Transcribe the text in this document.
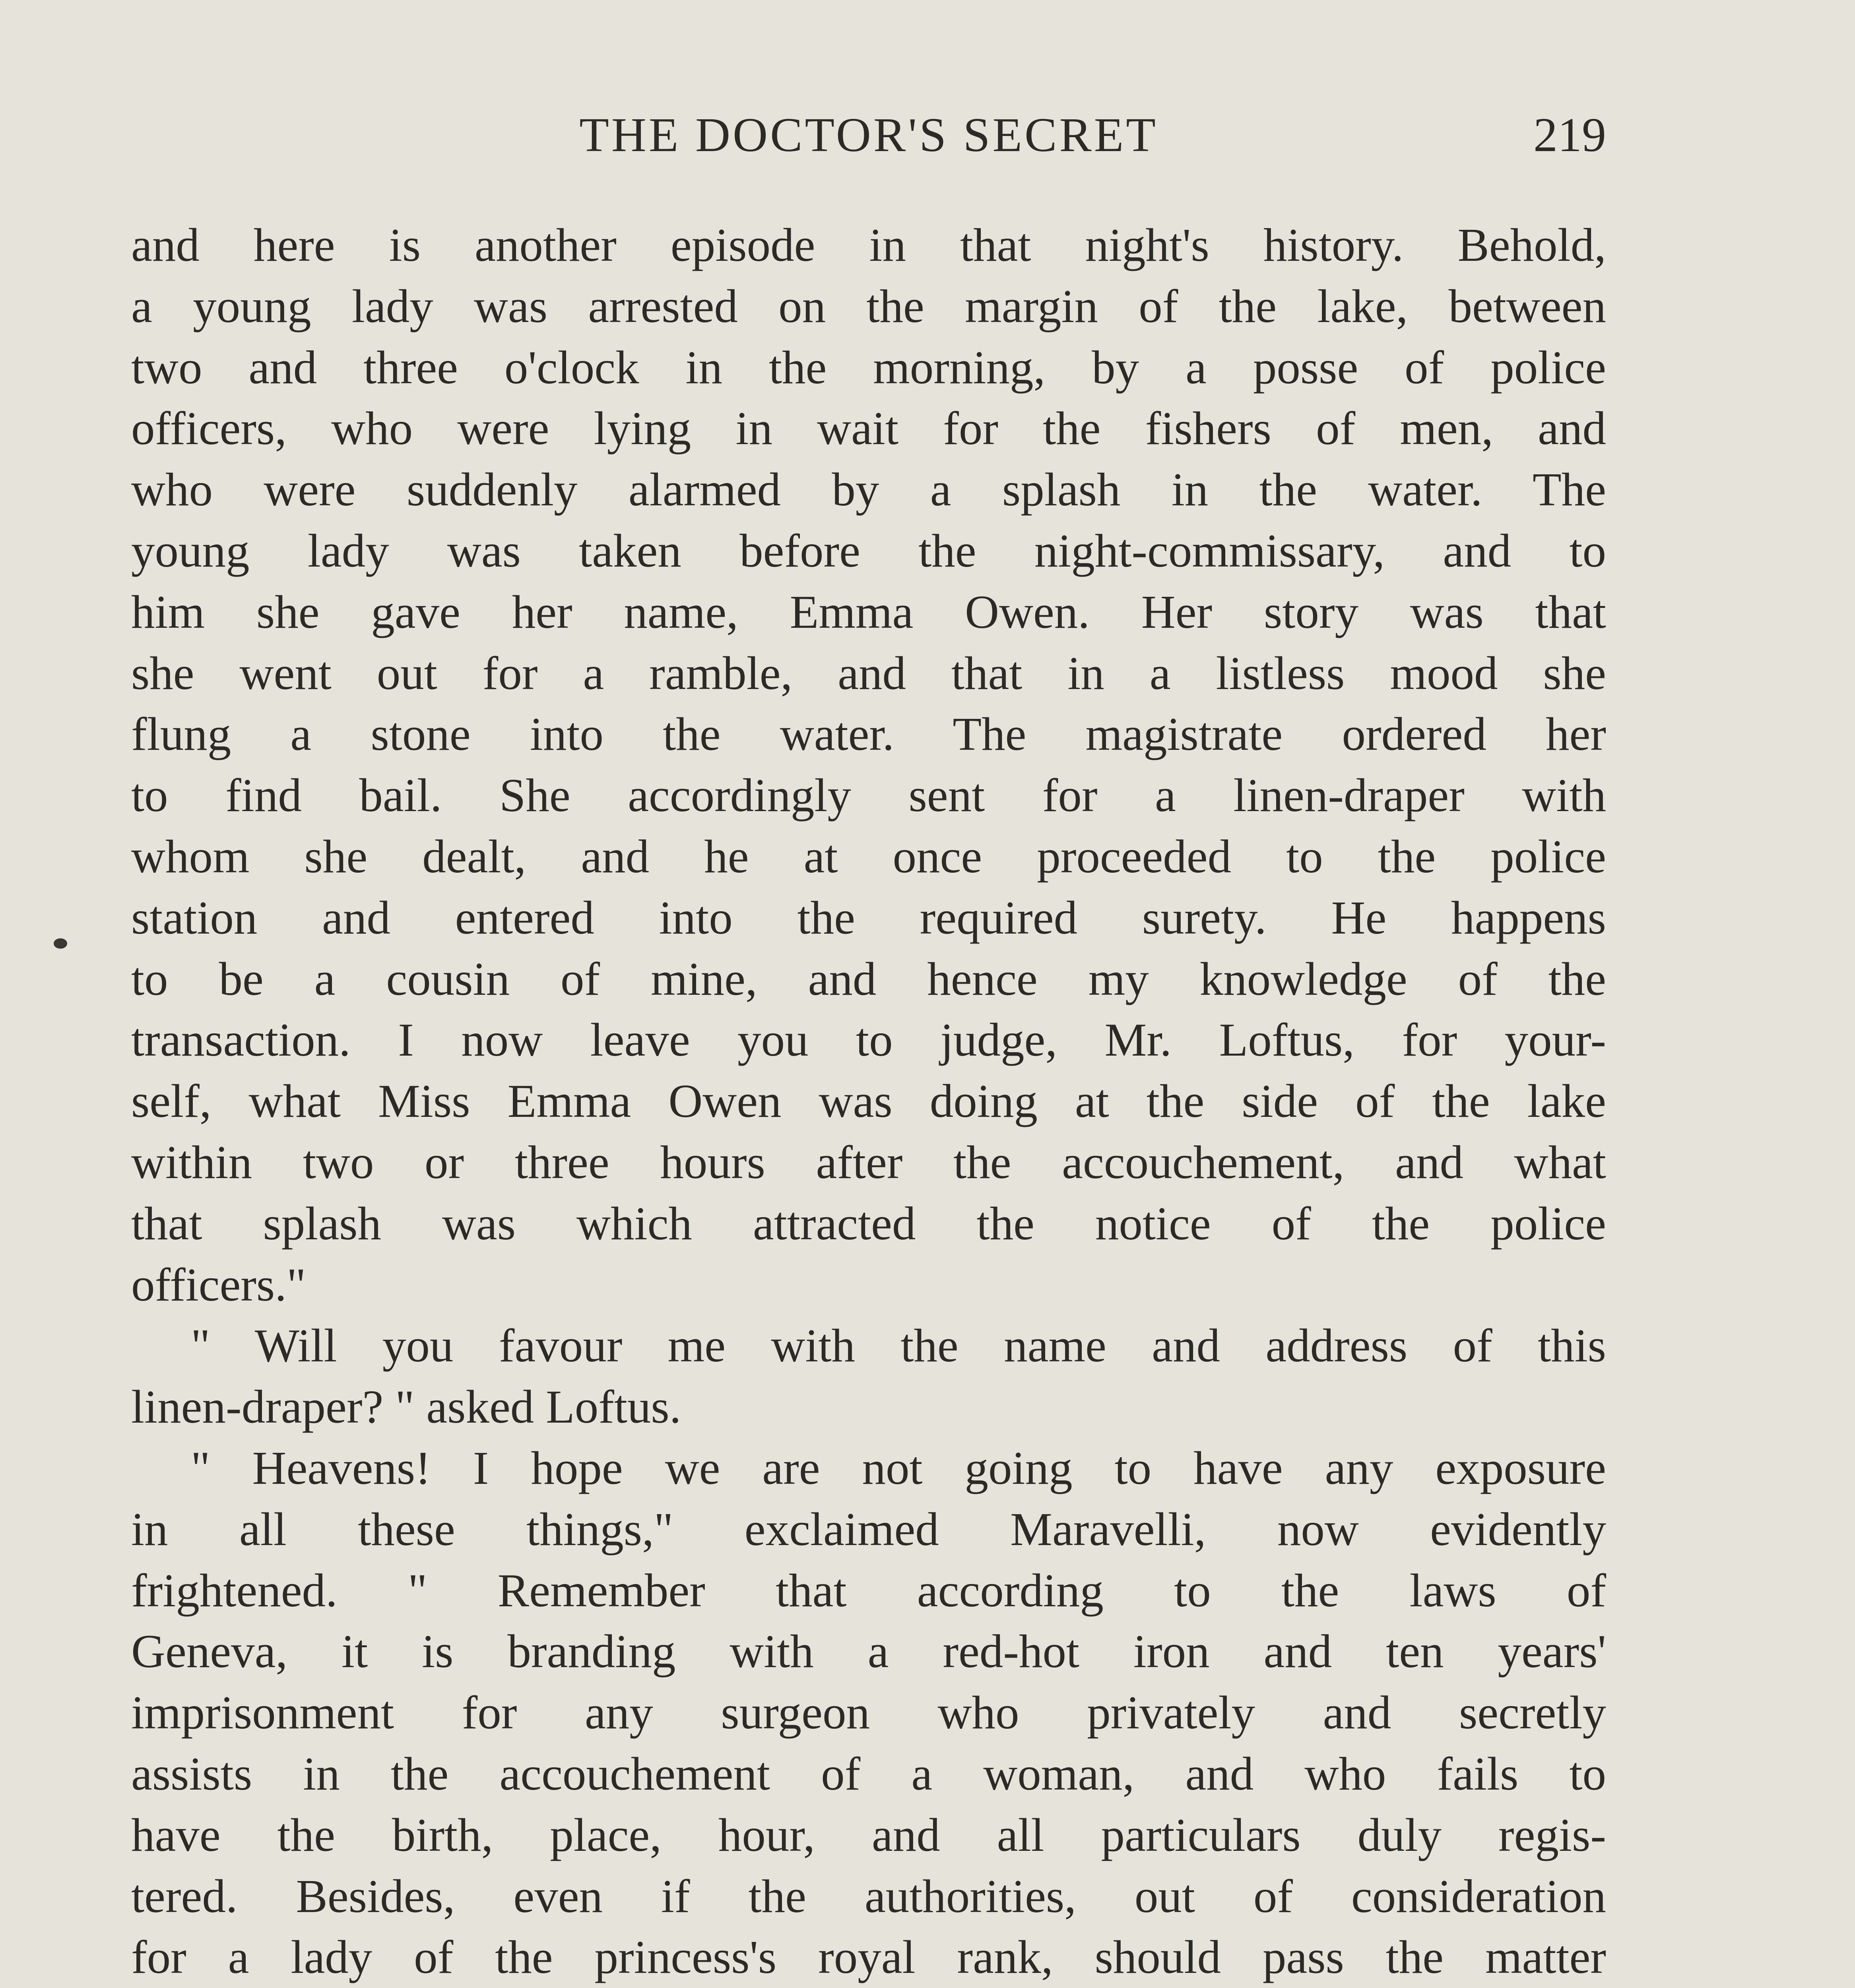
THE DOCTOR'S SECRET	219
and here is another episode in that night's history. Behold,
a young lady was arrested on the margin of the lake, between
two and three o'clock in the morning, by a posse of police
officers, who were lying in wait for the fishers of men, and
who were suddenly alarmed by a splash in the water. The
young lady was taken before the night-commissary, and to
him she gave her name, Emma Owen. Her story was that
she went out for a ramble, and that in a listless mood she
flung a stone into the water. The magistrate ordered her
to find bail. She accordingly sent for a linen-draper with
whom she dealt, and he at once proceeded to the police
station and entered into the required surety. He happens
to be a cousin of mine, and hence my knowledge of the
transaction. I now leave you to judge, Mr. Loftus, for your-
self, what Miss Emma Owen was doing at the side of the lake
within two or three hours after the accouchement, and what
that splash was which attracted the notice of the police
officers."
" Will you favour me with the name and address of this
linen-draper? " asked Loftus.
" Heavens! I hope we are not going to have any exposure
in all these things," exclaimed Maravelli, now evidently
frightened. " Remember that according to the laws of
Geneva, it is branding with a red-hot iron and ten years'
imprisonment for any surgeon who privately and secretly
assists in the accouchement of a woman, and who fails to
have the birth, place, hour, and all particulars duly regis-
tered. Besides, even if the authorities, out of consideration
for a lady of the princess's royal rank, should pass the matter
